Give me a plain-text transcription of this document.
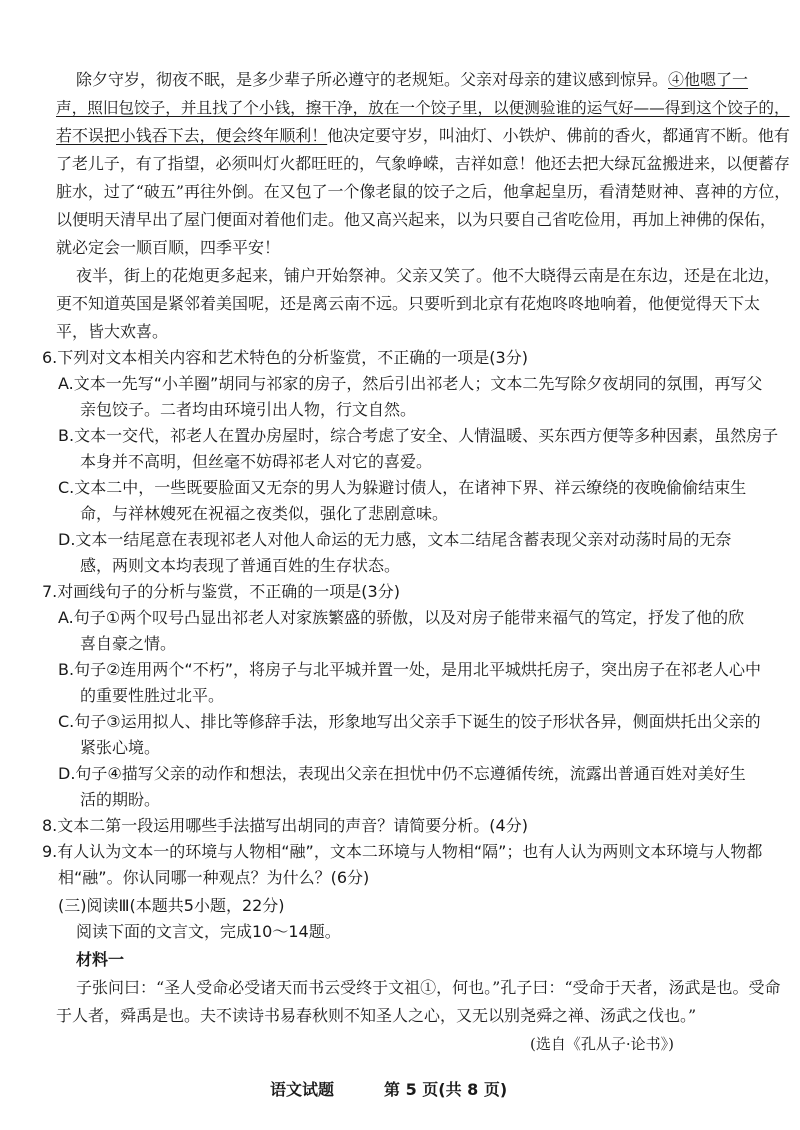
除夕守岁，彻夜不眠，是多少辈子所必遵守的老规矩。父亲对母亲的建议感到惊异。④他嗯了一
声，照旧包饺子，并且找了个小钱，擦干净，放在一个饺子里，以便测验谁的运气好——得到这个饺子的，
若不误把小钱吞下去，便会终年顺利！他决定要守岁，叫油灯、小铁炉、佛前的香火，都通宵不断。他有
了老儿子，有了指望，必须叫灯火都旺旺的，气象峥嵘，吉祥如意！他还去把大绿瓦盆搬进来，以便蓄存
脏水，过了“破五”再往外倒。在又包了一个像老鼠的饺子之后，他拿起皇历，看清楚财神、喜神的方位，
以便明天清早出了屋门便面对着他们走。他又高兴起来，以为只要自己省吃俭用，再加上神佛的保佑，
就必定会一顺百顺，四季平安！
夜半，街上的花炮更多起来，铺户开始祭神。父亲又笑了。他不大晓得云南是在东边，还是在北边，
更不知道英国是紧邻着美国呢，还是离云南不远。只要听到北京有花炮咚咚地响着，他便觉得天下太
平，皆大欢喜。
6.下列对文本相关内容和艺术特色的分析鉴赏，不正确的一项是(3分)
A.文本一先写“小羊圈”胡同与祁家的房子，然后引出祁老人；文本二先写除夕夜胡同的氛围，再写父
亲包饺子。二者均由环境引出人物，行文自然。
B.文本一交代，祁老人在置办房屋时，综合考虑了安全、人情温暖、买东西方便等多种因素，虽然房子
本身并不高明，但丝毫不妨碍祁老人对它的喜爱。
C.文本二中，一些既要脸面又无奈的男人为躲避讨债人，在诸神下界、祥云缭绕的夜晚偷偷结束生
命，与祥林嫂死在祝福之夜类似，强化了悲剧意味。
D.文本一结尾意在表现祁老人对他人命运的无力感，文本二结尾含蓄表现父亲对动荡时局的无奈
感，两则文本均表现了普通百姓的生存状态。
7.对画线句子的分析与鉴赏，不正确的一项是(3分)
A.句子①两个叹号凸显出祁老人对家族繁盛的骄傲，以及对房子能带来福气的笃定，抒发了他的欣
喜自豪之情。
B.句子②连用两个“不朽”，将房子与北平城并置一处，是用北平城烘托房子，突出房子在祁老人心中
的重要性胜过北平。
C.句子③运用拟人、排比等修辞手法，形象地写出父亲手下诞生的饺子形状各异，侧面烘托出父亲的
紧张心境。
D.句子④描写父亲的动作和想法，表现出父亲在担忧中仍不忘遵循传统，流露出普通百姓对美好生
活的期盼。
8.文本二第一段运用哪些手法描写出胡同的声音？请简要分析。(4分)
9.有人认为文本一的环境与人物相“融”，文本二环境与人物相“隔”；也有人认为两则文本环境与人物都
相“融”。你认同哪一种观点？为什么？(6分)
(三)阅读Ⅲ(本题共5小题，22分)
阅读下面的文言文，完成10～14题。
材料一
子张问曰：“圣人受命必受诸天而书云受终于文祖①，何也。”孔子曰：“受命于天者，汤武是也。受命
于人者，舜禹是也。夫不读诗书易春秋则不知圣人之心，又无以别尧舜之禅、汤武之伐也。”
(选自《孔从子·论书》)
语文试题	第 5 页(共 8 页)
